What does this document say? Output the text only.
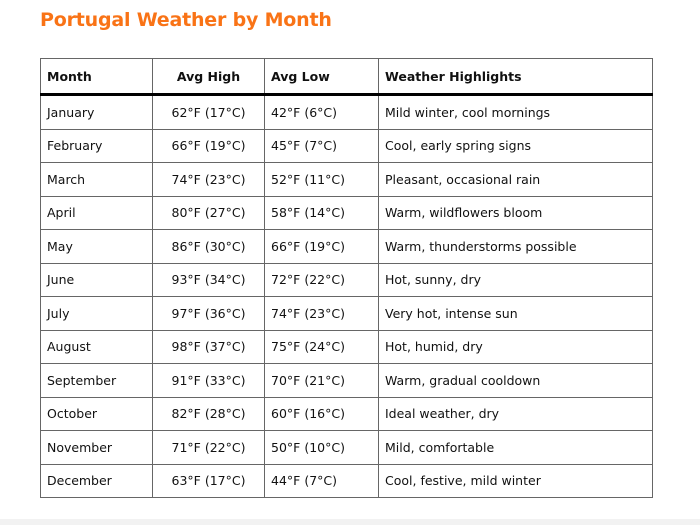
Portugal Weather by Month
Month	Avg High	Avg Low	Weather Highlights
January	62°F (17°C)	42°F (6°C)	Mild winter, cool mornings
February	66°F (19°C)	45°F (7°C)	Cool, early spring signs
March	74°F (23°C)	52°F (11°C)	Pleasant, occasional rain
April	80°F (27°C)	58°F (14°C)	Warm, wildflowers bloom
May	86°F (30°C)	66°F (19°C)	Warm, thunderstorms possible
June	93°F (34°C)	72°F (22°C)	Hot, sunny, dry
July	97°F (36°C)	74°F (23°C)	Very hot, intense sun
August	98°F (37°C)	75°F (24°C)	Hot, humid, dry
September	91°F (33°C)	70°F (21°C)	Warm, gradual cooldown
October	82°F (28°C)	60°F (16°C)	Ideal weather, dry
November	71°F (22°C)	50°F (10°C)	Mild, comfortable
December	63°F (17°C)	44°F (7°C)	Cool, festive, mild winter
